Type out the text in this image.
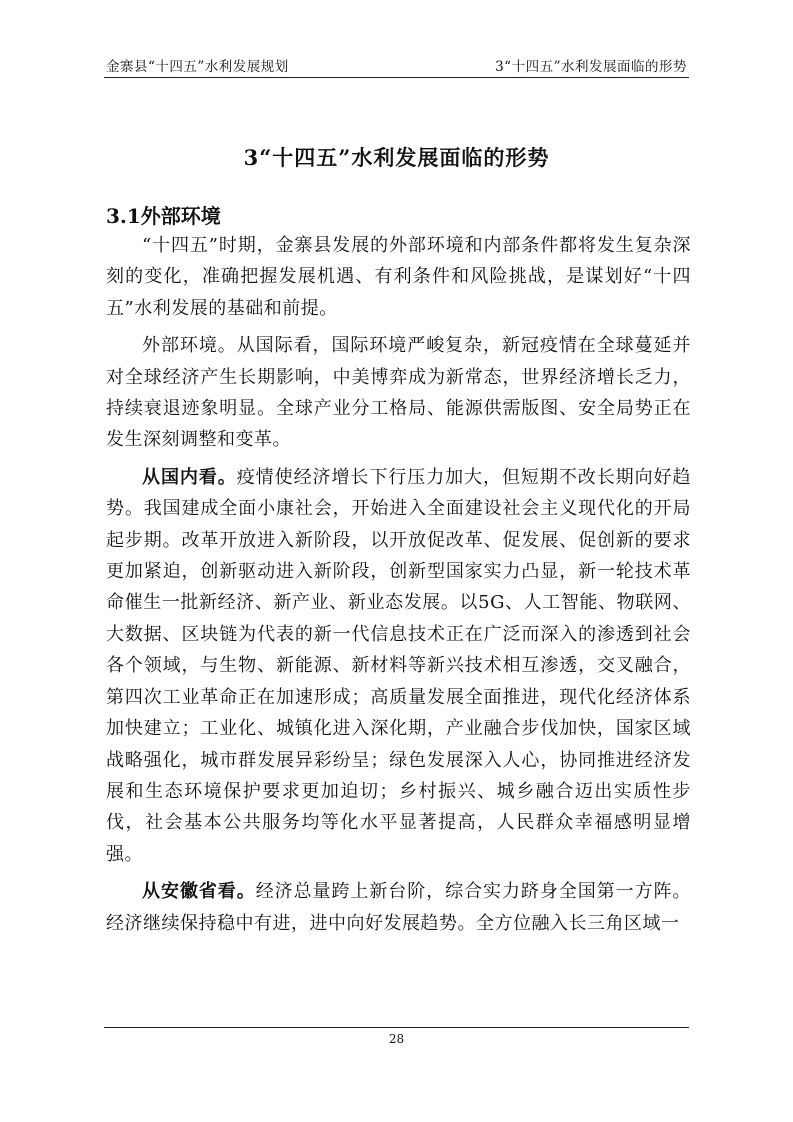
金寨县“十四五”水利发展规划	3“十四五”水利发展面临的形势
3“十四五”水利发展面临的形势
3.1外部环境

“十四五”时期，金寨县发展的外部环境和内部条件都将发生复杂深刻的变化，准确把握发展机遇、有利条件和风险挑战，是谋划好“十四五”水利发展的基础和前提。

外部环境。从国际看，国际环境严峻复杂，新冠疫情在全球蔓延并对全球经济产生长期影响，中美博弈成为新常态，世界经济增长乏力，持续衰退迹象明显。全球产业分工格局、能源供需版图、安全局势正在发生深刻调整和变革。

从国内看。疫情使经济增长下行压力加大，但短期不改长期向好趋势。我国建成全面小康社会，开始进入全面建设社会主义现代化的开局起步期。改革开放进入新阶段，以开放促改革、促发展、促创新的要求更加紧迫，创新驱动进入新阶段，创新型国家实力凸显，新一轮技术革命催生一批新经济、新产业、新业态发展。以5G、人工智能、物联网、大数据、区块链为代表的新一代信息技术正在广泛而深入的渗透到社会各个领域，与生物、新能源、新材料等新兴技术相互渗透，交叉融合，第四次工业革命正在加速形成；高质量发展全面推进，现代化经济体系加快建立；工业化、城镇化进入深化期，产业融合步伐加快，国家区域战略强化，城市群发展异彩纷呈；绿色发展深入人心，协同推进经济发展和生态环境保护要求更加迫切；乡村振兴、城乡融合迈出实质性步伐，社会基本公共服务均等化水平显著提高，人民群众幸福感明显增强。

从安徽省看。经济总量跨上新台阶，综合实力跻身全国第一方阵。经济继续保持稳中有进，进中向好发展趋势。全方位融入长三角区域一

28
